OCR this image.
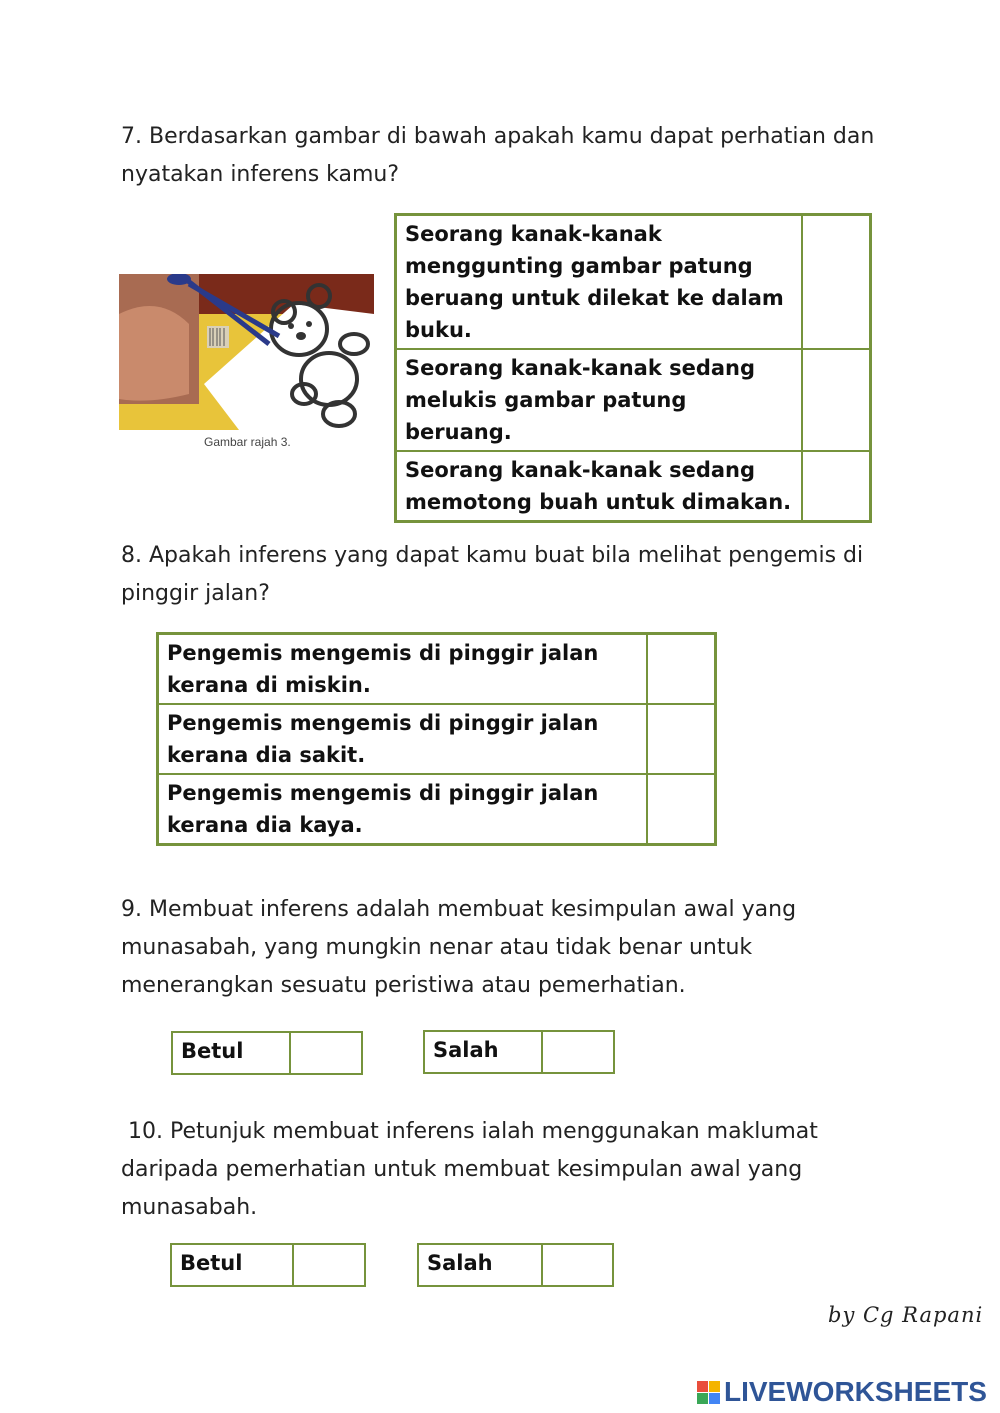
7. Berdasarkan gambar di bawah apakah kamu dapat perhatian dan
nyatakan inferens kamu?
Gambar rajah 3.
Seorang kanak-kanak menggunting gambar patung beruang untuk dilekat ke dalam buku.	
Seorang kanak-kanak sedang melukis gambar patung beruang.	
Seorang kanak-kanak sedang memotong buah untuk dimakan.	
8. Apakah inferens yang dapat kamu buat bila melihat pengemis di
pinggir jalan?
Pengemis mengemis di pinggir jalan kerana di miskin.	
Pengemis mengemis di pinggir jalan kerana dia sakit.	
Pengemis mengemis di pinggir jalan kerana dia kaya.	
9. Membuat inferens adalah membuat kesimpulan awal yang
munasabah, yang mungkin nenar atau tidak benar untuk
menerangkan sesuatu peristiwa atau pemerhatian.
Betul	Salah
10. Petunjuk membuat inferens ialah menggunakan maklumat
daripada pemerhatian untuk membuat kesimpulan awal yang
munasabah.
Betul	Salah
by Cg Rapani
LIVEWORKSHEETS
